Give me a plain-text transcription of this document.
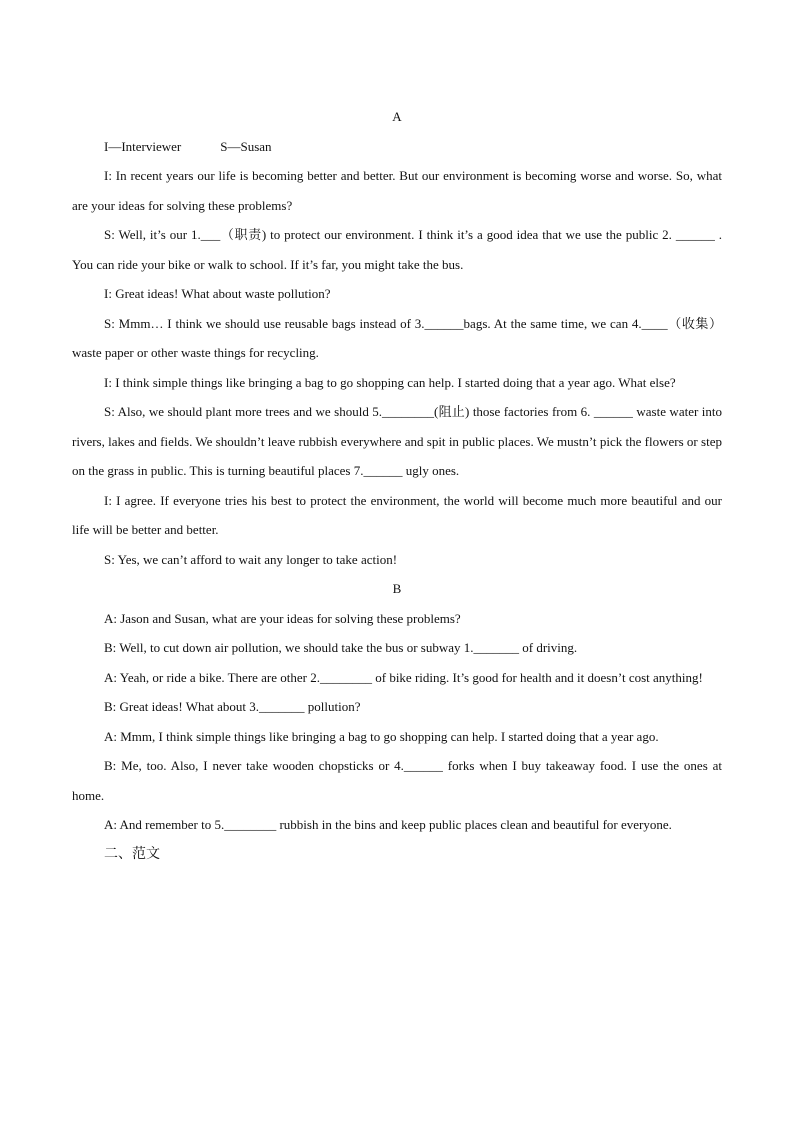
A
I—Interviewer            S—Susan

I: In recent years our life is becoming better and better. But our environment is becoming worse and worse. So, what are your ideas for solving these problems?

S: Well, it’s our 1.___（职责) to protect our environment. I think it’s a good idea that we use the public 2. ______ . You can ride your bike or walk to school. If it’s far, you might take the bus.

I: Great ideas! What about waste pollution?

S: Mmm… I think we should use reusable bags instead of 3.______bags. At the same time, we can 4.____（收集）waste paper or other waste things for recycling.

I: I think simple things like bringing a bag to go shopping can help. I started doing that a year ago. What else?

S: Also, we should plant more trees and we should 5.________(阻止) those factories from 6. ______ waste water into rivers, lakes and fields. We shouldn’t leave rubbish everywhere and spit in public places. We mustn’t pick the flowers or step on the grass in public. This is turning beautiful places 7.______ ugly ones.

I: I agree. If everyone tries his best to protect the environment, the world will become much more beautiful and our life will be better and better.

S: Yes, we can’t afford to wait any longer to take action!

B

A: Jason and Susan, what are your ideas for solving these problems?

B: Well, to cut down air pollution, we should take the bus or subway 1._______ of driving.

A: Yeah, or ride a bike. There are other 2.________ of bike riding. It’s good for health and it doesn’t cost anything!

B: Great ideas! What about 3._______ pollution?

A: Mmm, I think simple things like bringing a bag to go shopping can help. I started doing that a year ago.

B: Me, too. Also, I never take wooden chopsticks or 4.______ forks when I buy takeaway food. I use the ones at home.

A: And remember to 5.________ rubbish in the bins and keep public places clean and beautiful for everyone.

二、范文
